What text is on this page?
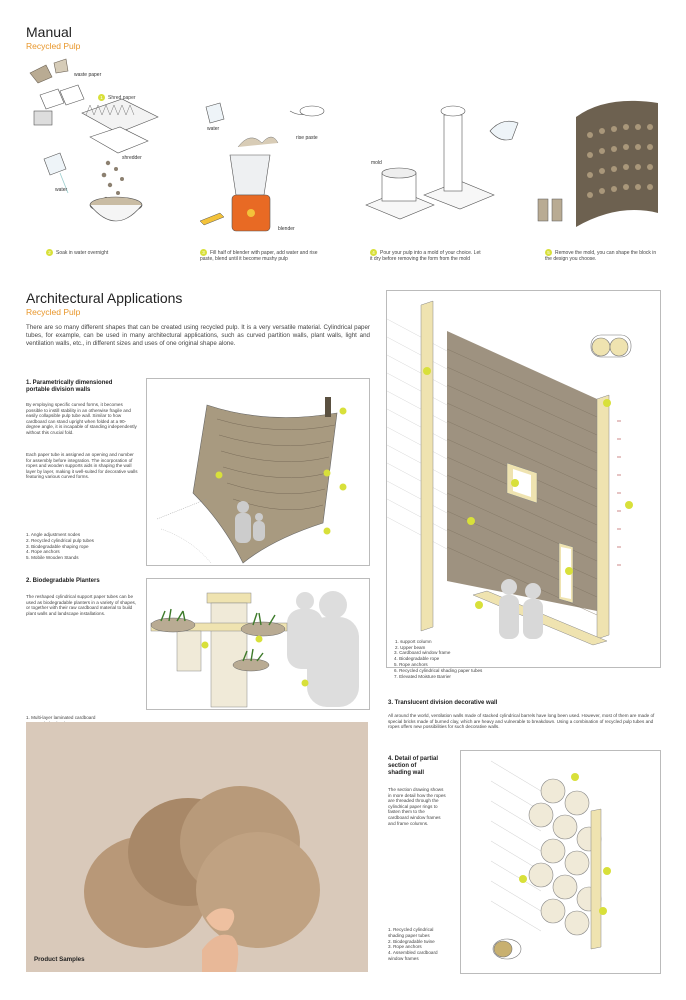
Manual
Recycled Pulp
waste paper
shredder
water
water
rise paste
blender
mold
1 Shred paper
2 Soak in water overnight	3 Fill half of blender with paper, add water and rise paste, blend until it become mushy pulp
4 Pour your pulp into a mold of your choice. Let it dry before removing the form from the mold
5 Remove the mold, you can shape the block in the design you choose.
Architectural Applications
Recycled Pulp
There are so many different shapes that can be created using recycled pulp. It is a very versatile material. Cylindrical paper tubes, for example, can be used in many architectural applications, such as curved partition walls, plant walls, light and ventilation walls, etc., in different sizes and uses of one original shape alone.
1. Parametrically dimensioned portable division walls
By employing specific curved forms, it becomes possible to instill stability in an otherwise fragile and easily collapsible pulp tube wall. Similar to how cardboard can stand upright when folded at a 90-degree angle, it is incapable of standing independently without this crucial fold.
Each paper tube is assigned an opening and number for assembly before integration. The incorporation of ropes and wooden supports aids in shaping the wall layer by layer, making it well-suited for decorative walls featuring various curved forms.
1. Angle adjustment nodes
2. Recycled cylindrical pulp tubes
3. Biodegradable shaping rope
4. Rope anchors
5. Mobile Wooden Stands
2. Biodegradable Planters
The reshaped cylindrical support paper tubes can be used as biodegradable planters in a variety of shapes, or together with their raw cardboard material to build plant walls and landscape installations.
1. Multi-layer laminated cardboard
Product Samples
1. support column
2. Upper beam
3. Cardboard window frame
4. Biodegradable rope
5. Rope anchors
6. Recycled cylindrical shading paper tubes
7. Elevated Moisture Barrier
3. Translucent division decorative wall
All around the world, ventilation walls made of stacked cylindrical barrels have long been used. However, most of them are made of special bricks made of burned clay, which are heavy and vulnerable to breakdown. Using a combination of recycled pulp tubes and ropes offers new possibilities for such decorative walls.
4. Detail of partial section of shading wall
The section drawing shows in more detail how the ropes are threaded through the cylindrical paper rings to fasten them to the cardboard window frames and frame columns.
1. Recycled cylindrical shading paper tubes
2. Biodegradable twine
3. Rope anchors
4. Assembled cardboard window frames
